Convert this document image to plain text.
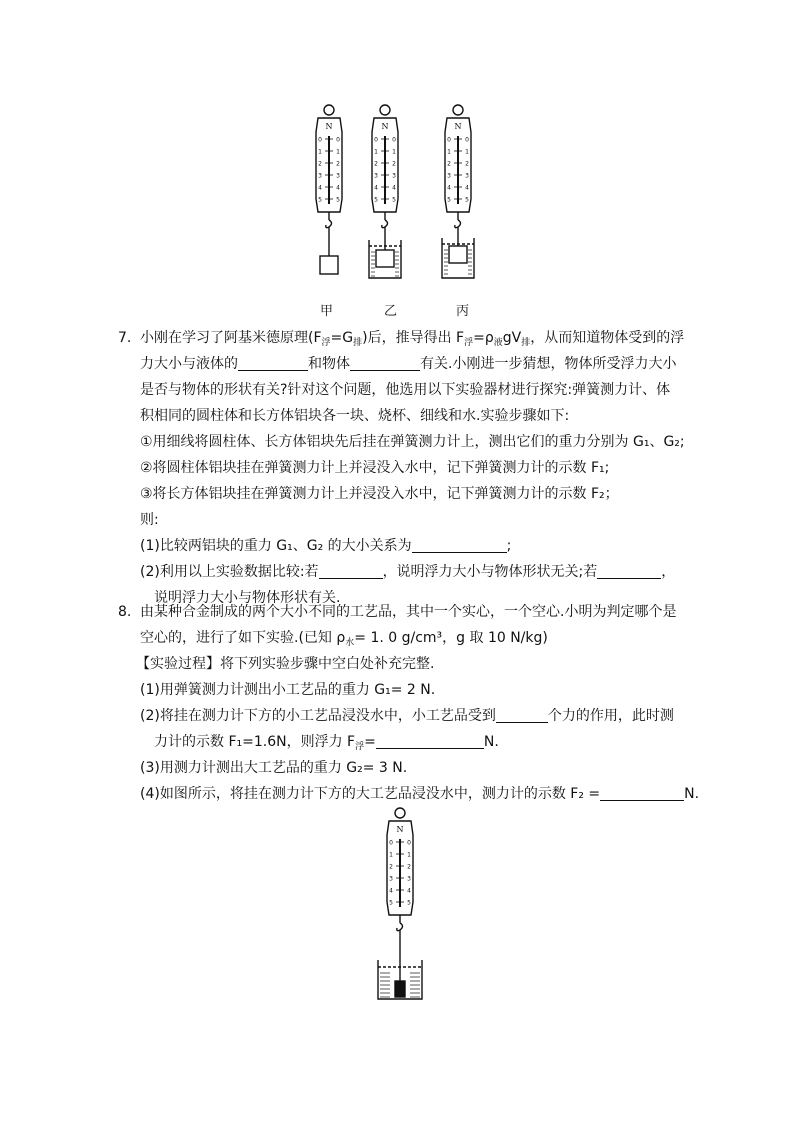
N
0 0
1 1
2 2
3 3
4 4
5 5
N
0 0
1 1
2 2
3 3
4 4
5 5
N
0 0
1 1
2 2
3 3
4 4
5 5
甲	乙	丙
7. 小刚在学习了阿基米德原理$(F_浮=G_排)$后，推导得出 $F_浮=\rho_液gV_排$，从而知道物体受到的浮
力大小与液体的	和物体	有关.小刚进一步猜想，物体所受浮力大小
是否与物体的形状有关?针对这个问题，他选用以下实验器材进行探究:弹簧测力计、体
积相同的圆柱体和长方体铝块各一块、烧杯、细线和水.实验步骤如下:
①用细线将圆柱体、长方体铝块先后挂在弹簧测力计上，测出它们的重力分别为 G₁、G₂;
②将圆柱体铝块挂在弹簧测力计上并浸没入水中，记下弹簧测力计的示数 F₁;
③将长方体铝块挂在弹簧测力计上并浸没入水中，记下弹簧测力计的示数 F₂；
则:
(1)比较两铝块的重力 G₁、G₂ 的大小关系为	;
(2)利用以上实验数据比较:若	，说明浮力大小与物体形状无关;若	，
说明浮力大小与物体形状有关.
8. 由某种合金制成的两个大小不同的工艺品，其中一个实心，一个空心.小明为判定哪个是
空心的，进行了如下实验.(已知 $\rho_水= 1$. 0 g/cm³，g 取 10 N/kg)
【实验过程】将下列实验步骤中空白处补充完整.
(1)用弹簧测力计测出小工艺品的重力 G₁= 2 N.
(2)将挂在测力计下方的小工艺品浸没水中，小工艺品受到	个力的作用，此时测
力计的示数 F₁=1.6N，则浮力 $F_浮=$	N.
(3)用测力计测出大工艺品的重力 G₂= 3 N.
(4)如图所示，将挂在测力计下方的大工艺品浸没水中，测力计的示数 F₂ =	N.
N
0 0
1 1
2 2
3 3
4 4
5 5
